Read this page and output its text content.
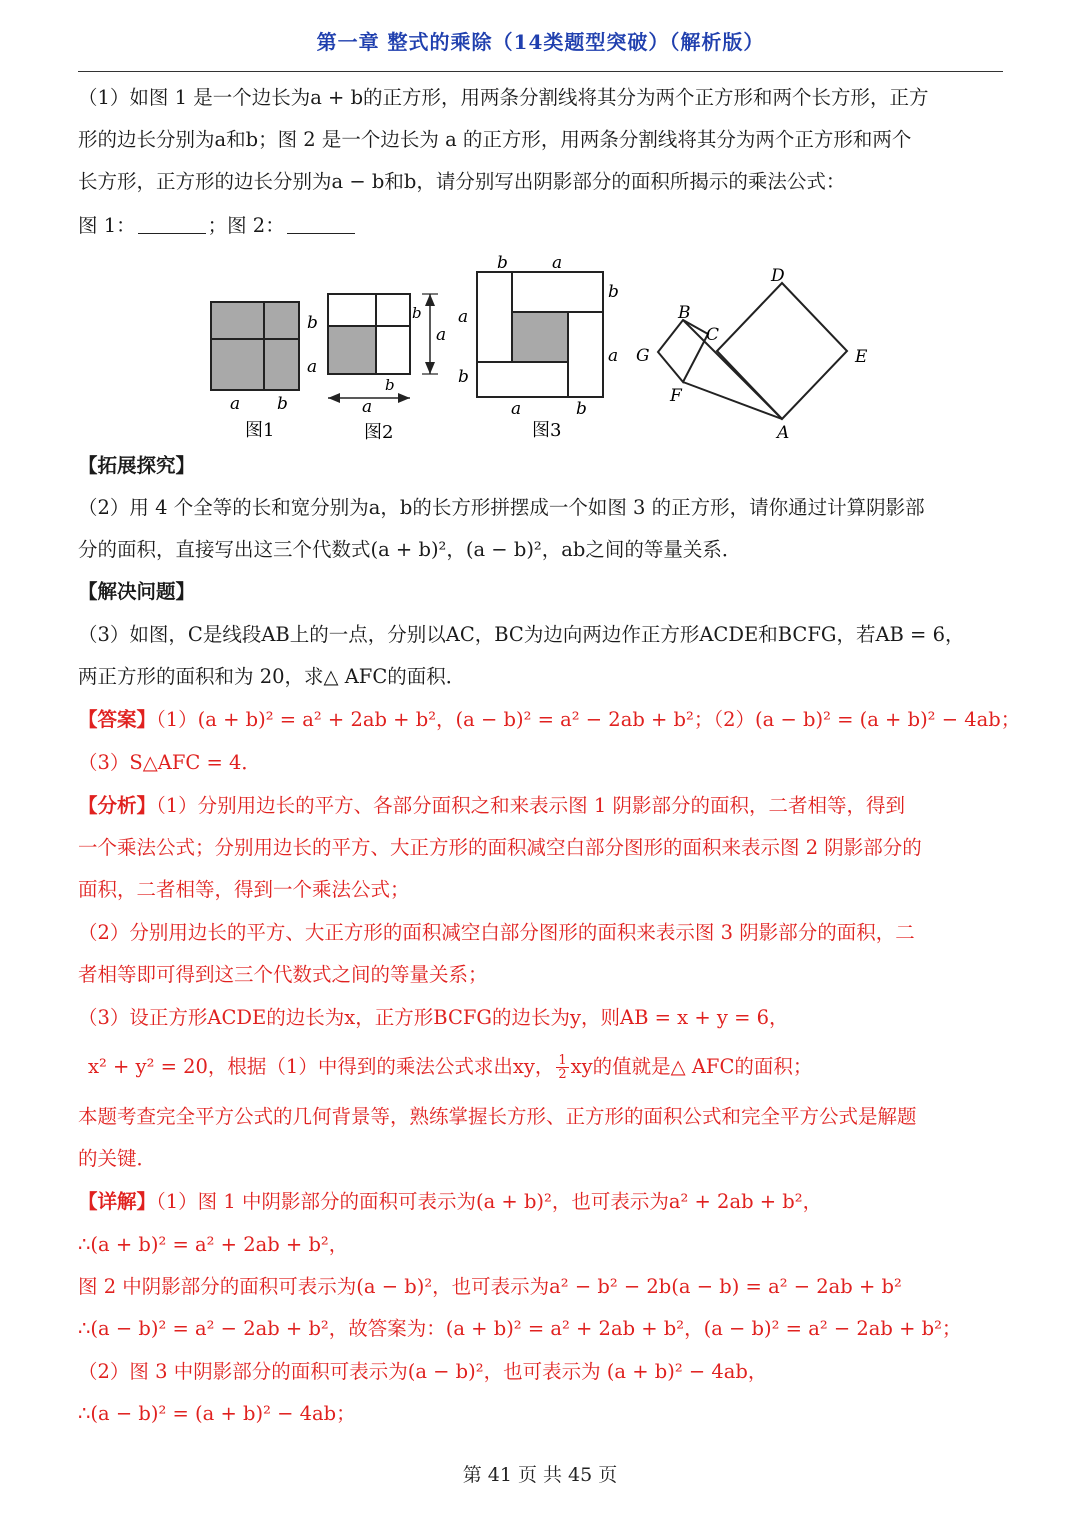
第一章 整式的乘除（14类题型突破）（解析版）
（1）如图 1 是一个边长为a + b的正方形，用两条分割线将其分为两个正方形和两个长方形，正方
形的边长分别为a和b；图 2 是一个边长为 a 的正方形，用两条分割线将其分为两个正方形和两个
长方形，正方形的边长分别为a − b和b，请分别写出阴影部分的面积所揭示的乘法公式：
图 1：	；图 2：
b
a
a b
图1
b
a
b
a
图2
b	a
b
a
a
b
a	b
图3
D
B
C
G	E
F
A
【拓展探究】
（2）用 4 个全等的长和宽分别为a，b的长方形拼摆成一个如图 3 的正方形，请你通过计算阴影部
分的面积，直接写出这三个代数式(a + b)²，(a − b)²，ab之间的等量关系．
【解决问题】
（3）如图，C是线段AB上的一点，分别以AC，BC为边向两边作正方形ACDE和BCFG，若AB = 6，
两正方形的面积和为 20，求△ AFC的面积．
【答案】（1）(a + b)² = a² + 2ab + b²，(a − b)² = a² − 2ab + b²；（2）(a − b)² = (a + b)² − 4ab；
（3）S△AFC = 4．
【分析】（1）分别用边长的平方、各部分面积之和来表示图 1 阴影部分的面积，二者相等，得到
一个乘法公式；分别用边长的平方、大正方形的面积减空白部分图形的面积来表示图 2 阴影部分的
面积，二者相等，得到一个乘法公式；
（2）分别用边长的平方、大正方形的面积减空白部分图形的面积来表示图 3 阴影部分的面积，二
者相等即可得到这三个代数式之间的等量关系；
（3）设正方形ACDE的边长为x，正方形BCFG的边长为y，则AB = x + y = 6，
x² + y² = 20，根据（1）中得到的乘法公式求出xy， $\frac{1}{2}$ xy的值就是△ AFC的面积；
本题考查完全平方公式的几何背景等，熟练掌握长方形、正方形的面积公式和完全平方公式是解题
的关键．
【详解】（1）图 1 中阴影部分的面积可表示为(a + b)²，也可表示为a² + 2ab + b²，
∴(a + b)² = a² + 2ab + b²，
图 2 中阴影部分的面积可表示为(a − b)²，也可表示为a² − b² − 2b(a − b) = a² − 2ab + b²
∴(a − b)² = a² − 2ab + b²，故答案为：(a + b)² = a² + 2ab + b²，(a − b)² = a² − 2ab + b²；
（2）图 3 中阴影部分的面积可表示为(a − b)²，也可表示为 (a + b)² − 4ab，
∴(a − b)² = (a + b)² − 4ab；
第 41 页 共 45 页
